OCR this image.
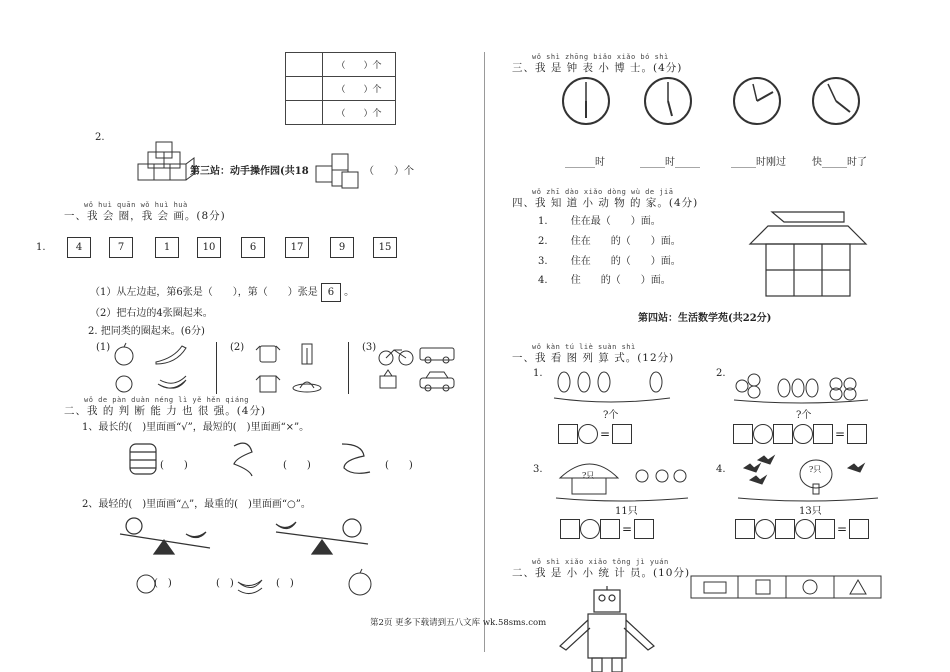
	（　　）个
	（　　）个
	（　　）个
2.
第三站：动手操作园(共18	（　　）个
wǒ huì quān wǒ huì huà
一、我 会 圈，我 会 画。(8分)
1.	4	7	1	10	6	17	9	15
（1）从左边起，第6张是（　　），第（　　）张是 6 。
（2）把右边的4张圈起来。
2. 把同类的圈起来。(6分)
(1)	(2)	(3)
wǒ de pàn duàn néng lì yě hěn qiáng
二、我 的 判 断 能 力 也 很 强。(4分)
1、最长的(　)里面画“√”，最短的(　)里面画“×”。
(　　)	(　　)	(　　)
2、最轻的(　)里面画“△”，最重的(　)里面画“○”。
(　)	(　)	(　)
wǒ shì zhōng biǎo xiǎo bó shì
三、我 是 钟 表 小 博 士。(4分)
______时	_____时_____	_____时刚过	快_____时了
wǒ zhī dào xiǎo dòng wù de jiā
四、我 知 道 小 动 物 的 家。(4分)
1. 　　住在最（　　）面。
2. 　　住在　　的（　　）面。
3. 　　住在　　的（　　）面。
4. 　　住　　的（　　）面。
第四站：生活数学苑(共22分)
wǒ kàn tú liè suàn shì
一、我 看 图 列 算 式。(12分)
1.
?个
=
2.
?个
=
3.
?只
11只
=
4.	?只
13只
=
wǒ shì xiǎo xiǎo tǒng jì yuán
二、我 是 小 小 统 计 员。(10分)
第2页 更多下载请到五八文库 wk.58sms.com
